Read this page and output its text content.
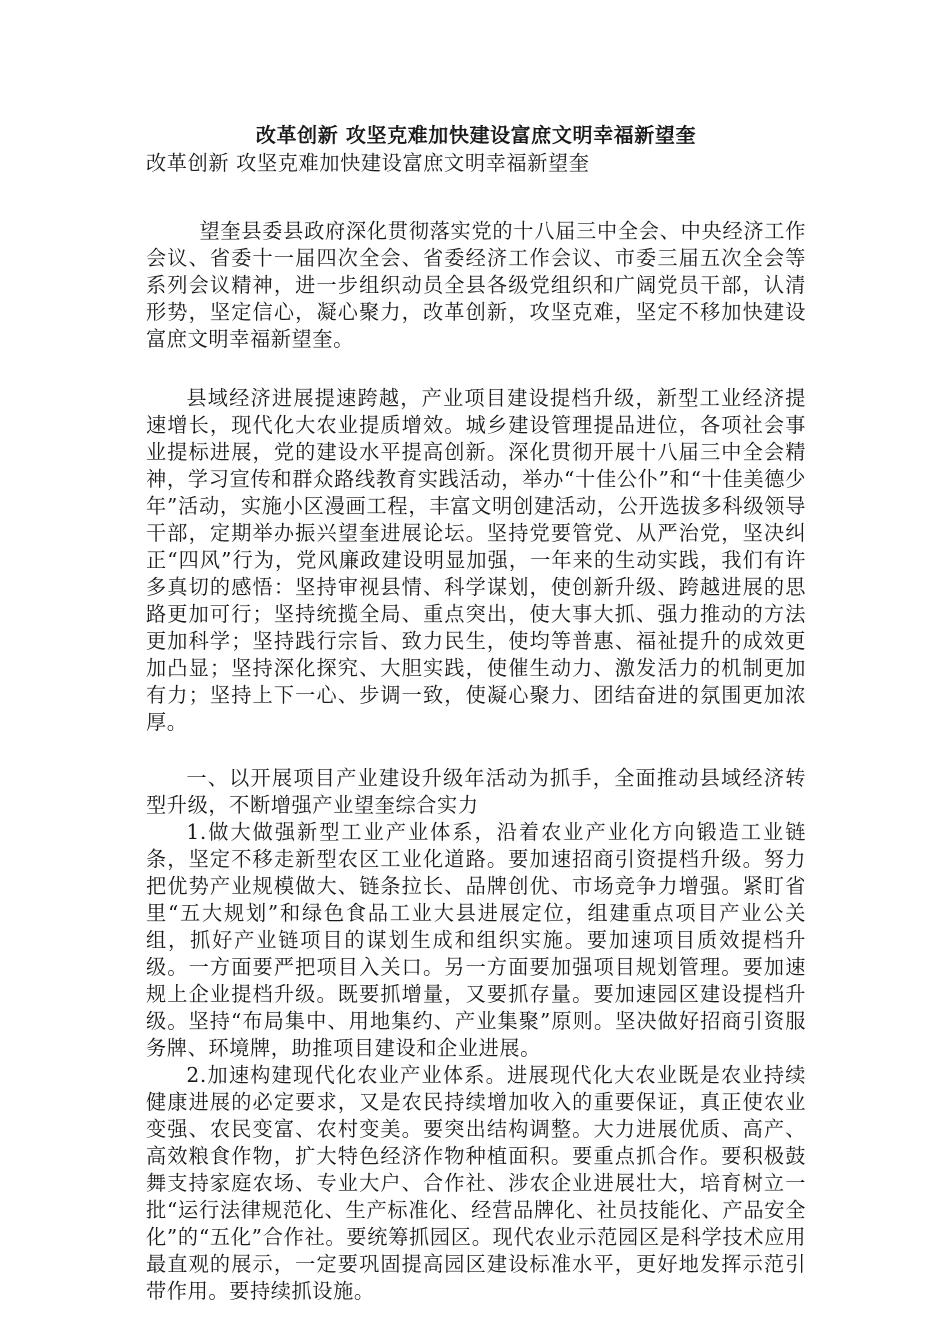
改革创新 攻坚克难加快建设富庶文明幸福新望奎
改革创新 攻坚克难加快建设富庶文明幸福新望奎

望奎县委县政府深化贯彻落实党的十八届三中全会、中央经济工作会议、省委十一届四次全会、省委经济工作会议、市委三届五次全会等系列会议精神，进一步组织动员全县各级党组织和广阔党员干部，认清形势，坚定信心，凝心聚力，改革创新，攻坚克难，坚定不移加快建设富庶文明幸福新望奎。

县域经济进展提速跨越，产业项目建设提档升级，新型工业经济提速增长，现代化大农业提质增效。城乡建设管理提品进位，各项社会事业提标进展，党的建设水平提高创新。深化贯彻开展十八届三中全会精神，学习宣传和群众路线教育实践活动，举办“十佳公仆”和“十佳美德少年”活动，实施小区漫画工程，丰富文明创建活动，公开选拔多科级领导干部，定期举办振兴望奎进展论坛。坚持党要管党、从严治党，坚决纠正“四风”行为，党风廉政建设明显加强，一年来的生动实践，我们有许多真切的感悟：坚持审视县情、科学谋划，使创新升级、跨越进展的思路更加可行；坚持统揽全局、重点突出，使大事大抓、强力推动的方法更加科学；坚持践行宗旨、致力民生，使均等普惠、福祉提升的成效更加凸显；坚持深化探究、大胆实践，使催生动力、激发活力的机制更加有力；坚持上下一心、步调一致，使凝心聚力、团结奋进的氛围更加浓厚。

一、以开展项目产业建设升级年活动为抓手，全面推动县域经济转型升级，不断增强产业望奎综合实力

1.做大做强新型工业产业体系，沿着农业产业化方向锻造工业链条，坚定不移走新型农区工业化道路。要加速招商引资提档升级。努力把优势产业规模做大、链条拉长、品牌创优、市场竞争力增强。紧盯省里“五大规划”和绿色食品工业大县进展定位，组建重点项目产业公关组，抓好产业链项目的谋划生成和组织实施。要加速项目质效提档升级。一方面要严把项目入关口。另一方面要加强项目规划管理。要加速规上企业提档升级。既要抓增量，又要抓存量。要加速园区建设提档升级。坚持“布局集中、用地集约、产业集聚”原则。坚决做好招商引资服务牌、环境牌，助推项目建设和企业进展。

2.加速构建现代化农业产业体系。进展现代化大农业既是农业持续健康进展的必定要求，又是农民持续增加收入的重要保证，真正使农业变强、农民变富、农村变美。要突出结构调整。大力进展优质、高产、高效粮食作物，扩大特色经济作物种植面积。要重点抓合作。要积极鼓舞支持家庭农场、专业大户、合作社、涉农企业进展壮大，培育树立一批“运行法律规范化、生产标准化、经营品牌化、社员技能化、产品安全化”的“五化”合作社。要统筹抓园区。现代农业示范园区是科学技术应用最直观的展示，一定要巩固提高园区建设标准水平，更好地发挥示范引带作用。要持续抓设施。
